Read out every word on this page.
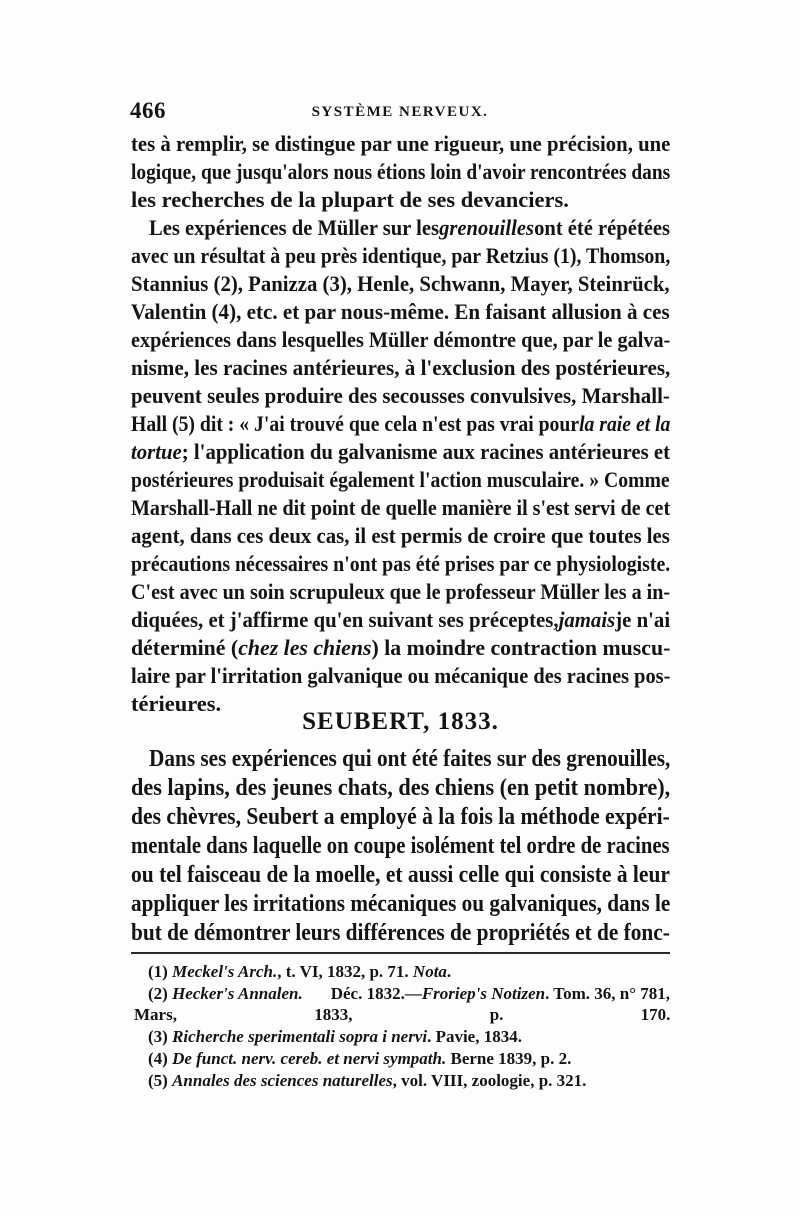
466	SYSTÈME NERVEUX.
tes à remplir, se distingue par une rigueur, une précision, une
logique, que jusqu'alors nous étions loin d'avoir rencontrées dans
les recherches de la plupart de ses devanciers.
Les expériences de Müller sur les grenouilles ont été répétées
avec un résultat à peu près identique, par Retzius (1), Thomson,
Stannius (2), Panizza (3), Henle, Schwann, Mayer, Steinrück,
Valentin (4), etc. et par nous-même. En faisant allusion à ces
expériences dans lesquelles Müller démontre que, par le galva-
nisme, les racines antérieures, à l'exclusion des postérieures,
peuvent seules produire des secousses convulsives, Marshall-
Hall (5) dit : « J'ai trouvé que cela n'est pas vrai pour la raie et la
tortue ; l'application du galvanisme aux racines antérieures et
postérieures produisait également l'action musculaire. » Comme
Marshall-Hall ne dit point de quelle manière il s'est servi de cet
agent, dans ces deux cas, il est permis de croire que toutes les
précautions nécessaires n'ont pas été prises par ce physiologiste.
C'est avec un soin scrupuleux que le professeur Müller les a in-
diquées, et j'affirme qu'en suivant ses préceptes, jamais je n'ai
déterminé ( chez les chiens ) la moindre contraction muscu-
laire par l'irritation galvanique ou mécanique des racines pos-
térieures.
SEUBERT, 1833.
Dans ses expériences qui ont été faites sur des grenouilles,
des lapins, des jeunes chats, des chiens (en petit nombre),
des chèvres, Seubert a employé à la fois la méthode expéri-
mentale dans laquelle on coupe isolément tel ordre de racines
ou tel faisceau de la moelle, et aussi celle qui consiste à leur
appliquer les irritations mécaniques ou galvaniques, dans le
but de démontrer leurs différences de propriétés et de fonc-
(1) Meckel's Arch., t. VI, 1832, p. 71. Nota.
(2) Hecker's Annalen. Déc. 1832.—Froriep's Notizen. Tom. 36, n° 781,
Mars, 1833, p. 170.
(3) Richerche sperimentali sopra i nervi. Pavie, 1834.
(4) De funct. nerv. cereb. et nervi sympath. Berne 1839, p. 2.
(5) Annales des sciences naturelles, vol. VIII, zoologie, p. 321.
